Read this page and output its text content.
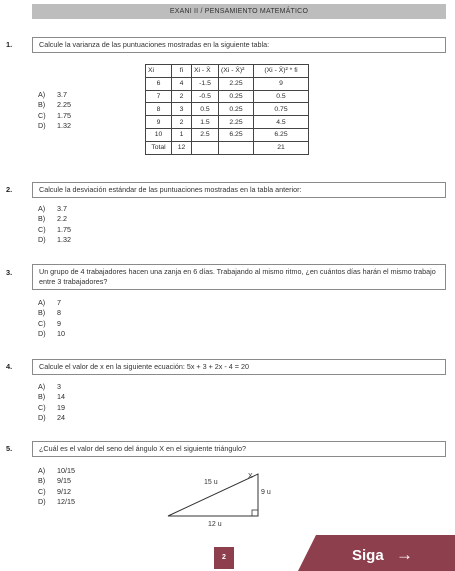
EXANI II / PENSAMIENTO MATEMÁTICO
1.	Calcule la varianza de las puntuaciones mostradas en la siguiente tabla:
A) 3.7
B) 2.25
C) 1.75
D) 1.32
Xi	fi	Xi - X̄	(Xi - X̄)²	(Xi - X̄)² * fi
6	4	-1.5	2.25	9
7	2	-0.5	0.25	0.5
8	3	0.5	0.25	0.75
9	2	1.5	2.25	4.5
10	1	2.5	6.25	6.25
Total	12			21
2.	Calcule la desviación estándar de las puntuaciones mostradas en la tabla anterior:
A) 3.7
B) 2.2
C) 1.75
D) 1.32
3.	Un grupo de 4 trabajadores hacen una zanja en 6 días. Trabajando al mismo ritmo, ¿en cuántos días harán el mismo trabajo entre 3 trabajadores?
A) 7
B) 8
C) 9
D) 10
4.	Calcule el valor de x en la siguiente ecuación: 5x + 3 + 2x - 4 = 20
A) 3
B) 14
C) 19
D) 24
5.	¿Cuál es el valor del seno del ángulo X en el siguiente triángulo?
A) 10/15
B) 9/15
C) 9/12
D) 12/15
15 u
9 u
12 u
X
2	Siga →
